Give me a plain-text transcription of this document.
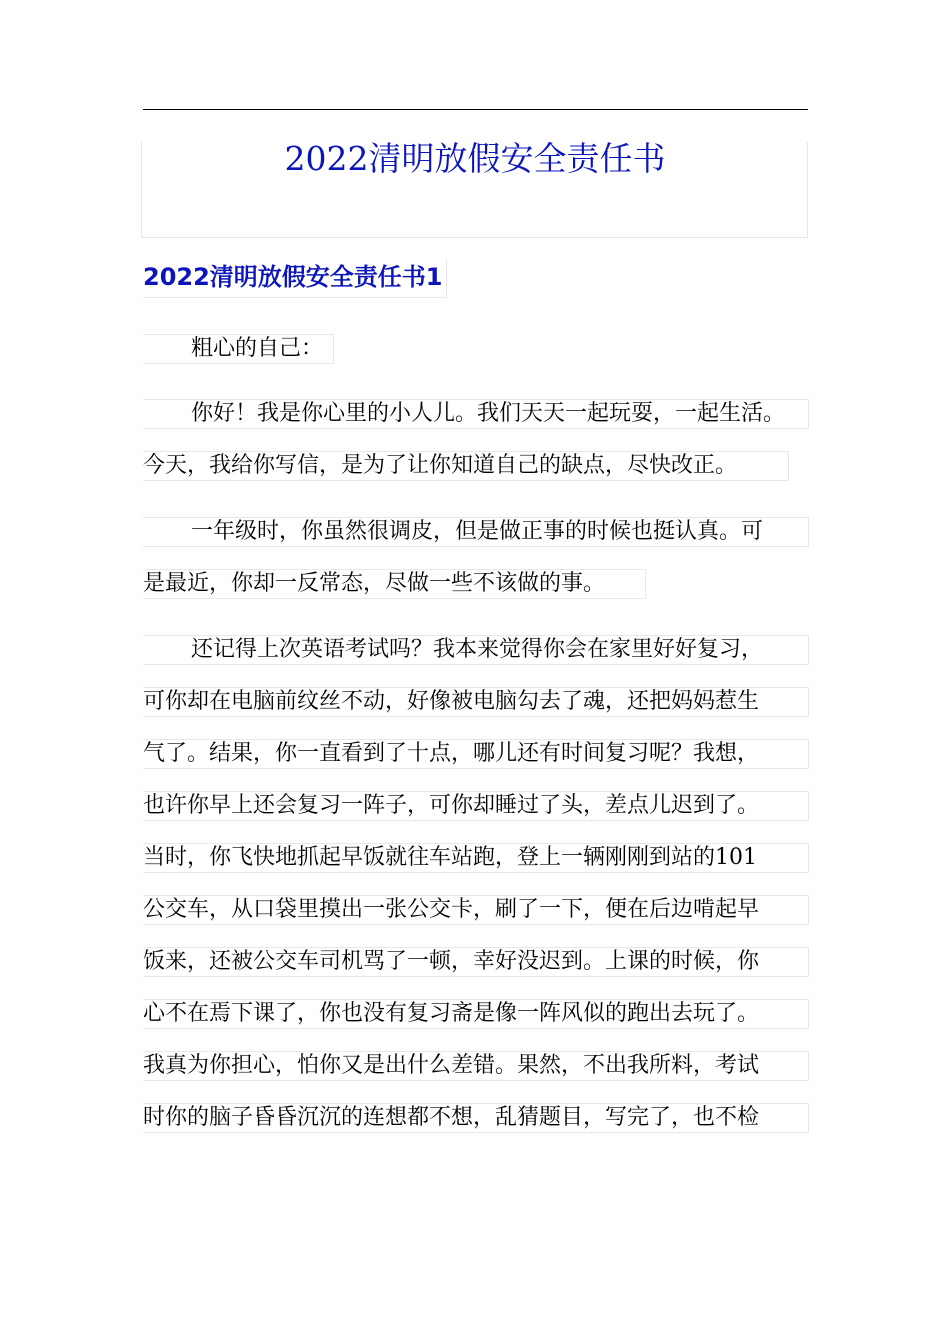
2022清明放假安全责任书
2022清明放假安全责任书1
粗心的自己：
你好！我是你心里的小人儿。我们天天一起玩耍，一起生活。
今天，我给你写信，是为了让你知道自己的缺点，尽快改正。
一年级时，你虽然很调皮，但是做正事的时候也挺认真。可
是最近，你却一反常态，尽做一些不该做的事。
还记得上次英语考试吗？我本来觉得你会在家里好好复习，
可你却在电脑前纹丝不动，好像被电脑勾去了魂，还把妈妈惹生
气了。结果，你一直看到了十点，哪儿还有时间复习呢？我想，
也许你早上还会复习一阵子，可你却睡过了头，差点儿迟到了。
当时，你飞快地抓起早饭就往车站跑，登上一辆刚刚到站的101
公交车，从口袋里摸出一张公交卡，刷了一下，便在后边啃起早
饭来，还被公交车司机骂了一顿，幸好没迟到。上课的时候，你
心不在焉下课了，你也没有复习斋是像一阵风似的跑出去玩了。
我真为你担心，怕你又是出什么差错。果然，不出我所料，考试
时你的脑子昏昏沉沉的连想都不想，乱猜题目，写完了，也不检
